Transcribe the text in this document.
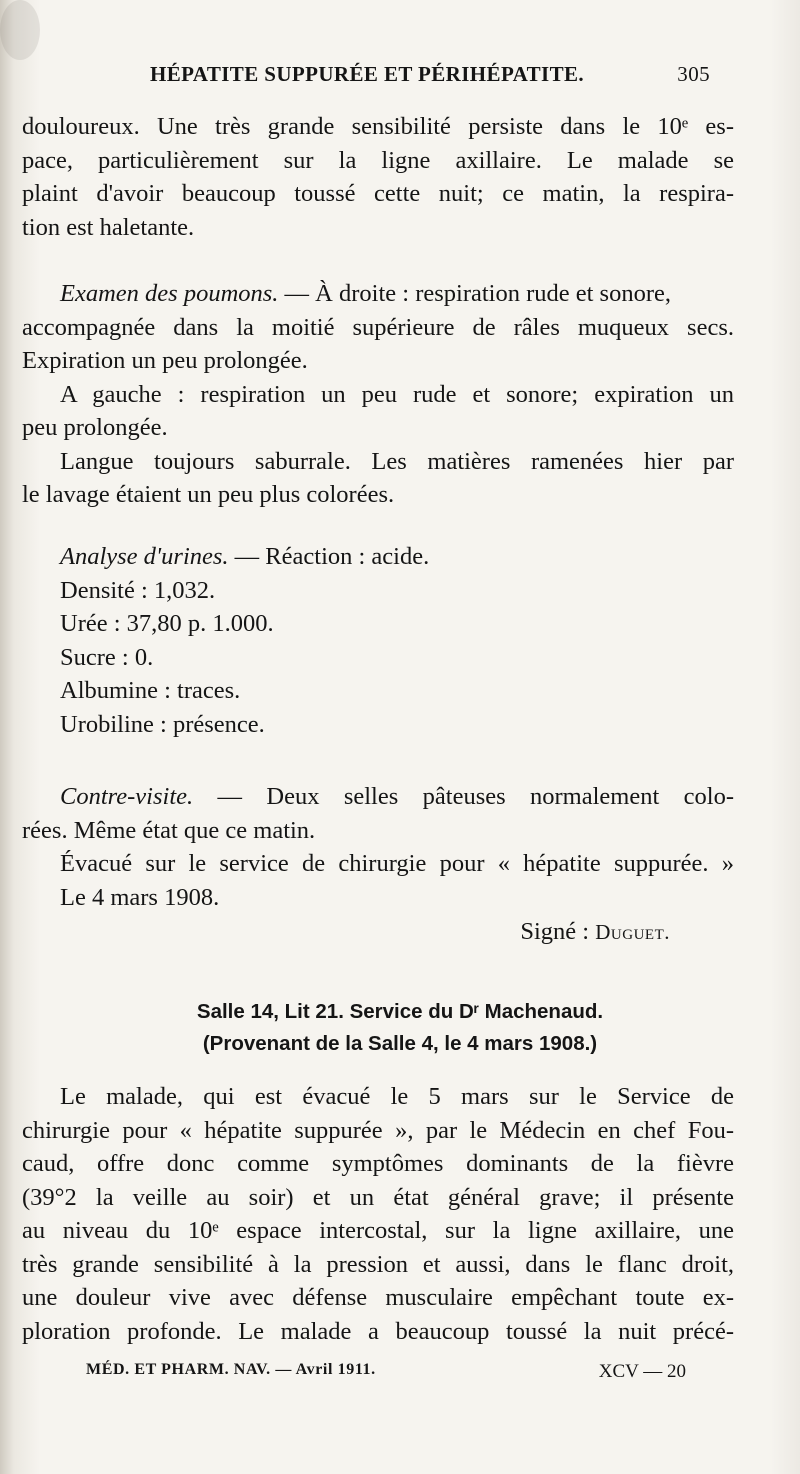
HÉPATITE SUPPURÉE ET PÉRIHÉPATITE.	305
douloureux. Une très grande sensibilité persiste dans le 10ᵉ es-
pace, particulièrement sur la ligne axillaire. Le malade se
plaint d'avoir beaucoup toussé cette nuit; ce matin, la respira-
tion est haletante.
Examen des poumons. — À droite : respiration rude et sonore,
accompagnée dans la moitié supérieure de râles muqueux secs.
Expiration un peu prolongée.
A gauche : respiration un peu rude et sonore; expiration un
peu prolongée.
Langue toujours saburrale. Les matières ramenées hier par
le lavage étaient un peu plus colorées.
Analyse d'urines. — Réaction : acide.
Densité : 1,032.
Urée : 37,80 p. 1.000.
Sucre : 0.
Albumine : traces.
Urobiline : présence.
Contre-visite. — Deux selles pâteuses normalement colo-
rées. Même état que ce matin.
Évacué sur le service de chirurgie pour « hépatite suppurée. »
Le 4 mars 1908.
Signé : Duguet.
Salle 14, Lit 21. Service du Dʳ Machenaud.
(Provenant de la Salle 4, le 4 mars 1908.)
Le malade, qui est évacué le 5 mars sur le Service de
chirurgie pour « hépatite suppurée », par le Médecin en chef Fou-
caud, offre donc comme symptômes dominants de la fièvre
(39°2 la veille au soir) et un état général grave; il présente
au niveau du 10ᵉ espace intercostal, sur la ligne axillaire, une
très grande sensibilité à la pression et aussi, dans le flanc droit,
une douleur vive avec défense musculaire empêchant toute ex-
ploration profonde. Le malade a beaucoup toussé la nuit précé-
MÉD. ET PHARM. NAV. — Avril 1911.	XCV — 20
